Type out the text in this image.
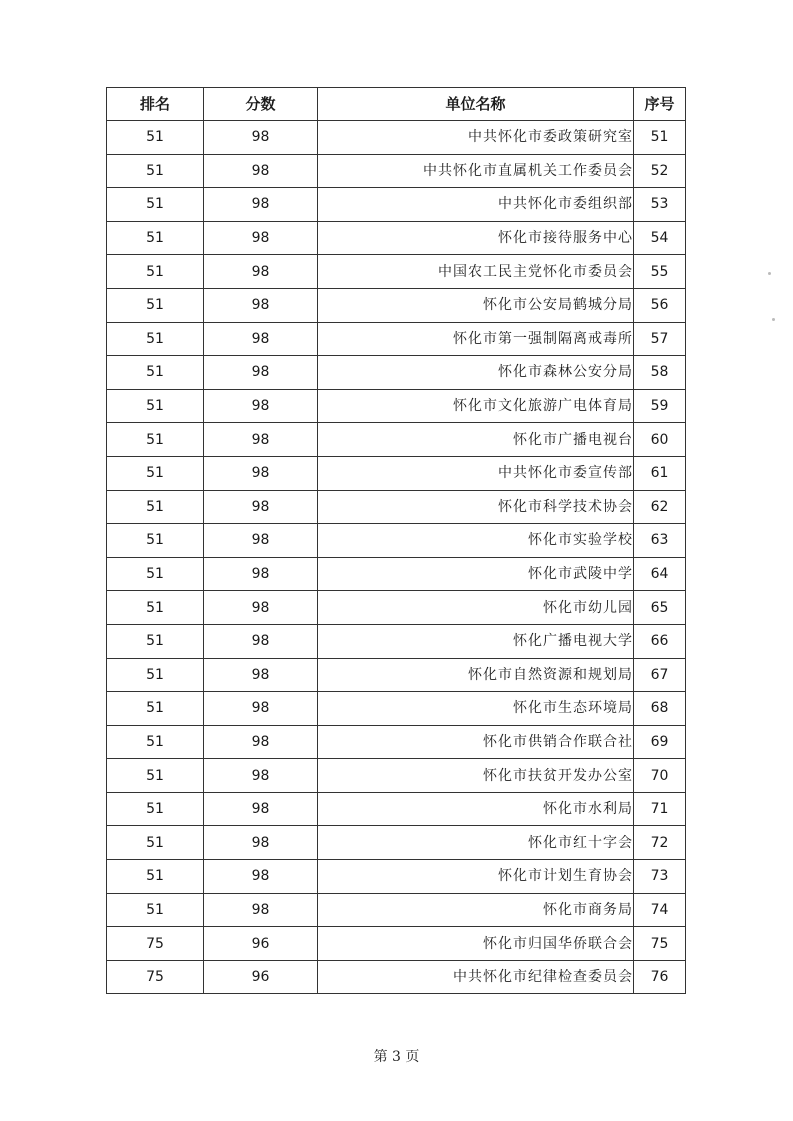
排名	分数	单位名称	序号
51	98	中共怀化市委政策研究室	51
51	98	中共怀化市直属机关工作委员会	52
51	98	中共怀化市委组织部	53
51	98	怀化市接待服务中心	54
51	98	中国农工民主党怀化市委员会	55
51	98	怀化市公安局鹤城分局	56
51	98	怀化市第一强制隔离戒毒所	57
51	98	怀化市森林公安分局	58
51	98	怀化市文化旅游广电体育局	59
51	98	怀化市广播电视台	60
51	98	中共怀化市委宣传部	61
51	98	怀化市科学技术协会	62
51	98	怀化市实验学校	63
51	98	怀化市武陵中学	64
51	98	怀化市幼儿园	65
51	98	怀化广播电视大学	66
51	98	怀化市自然资源和规划局	67
51	98	怀化市生态环境局	68
51	98	怀化市供销合作联合社	69
51	98	怀化市扶贫开发办公室	70
51	98	怀化市水利局	71
51	98	怀化市红十字会	72
51	98	怀化市计划生育协会	73
51	98	怀化市商务局	74
75	96	怀化市归国华侨联合会	75
75	96	中共怀化市纪律检查委员会	76
第 3 页
